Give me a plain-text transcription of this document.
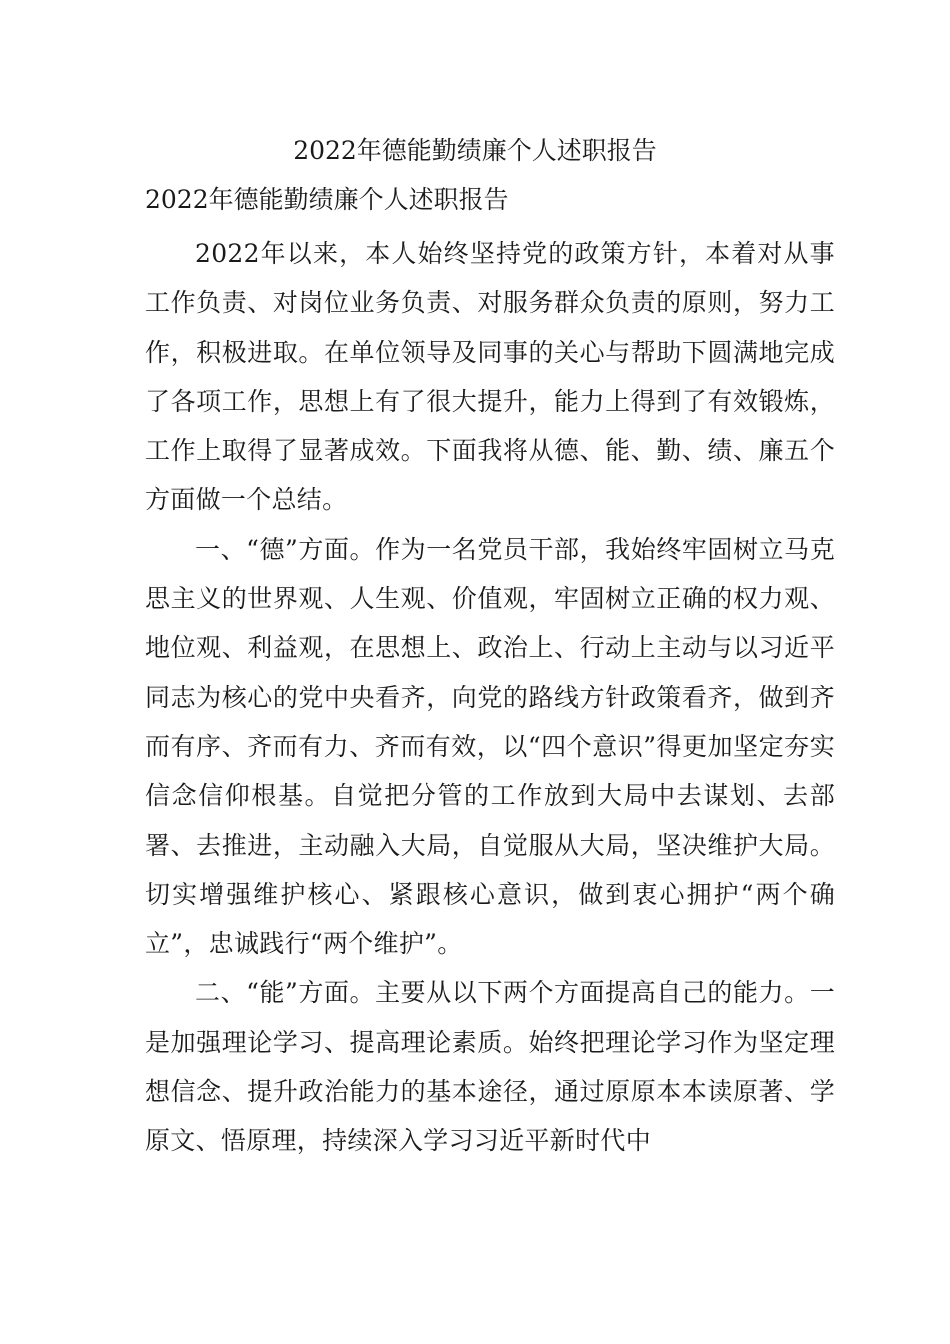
2022年德能勤绩廉个人述职报告
2022年德能勤绩廉个人述职报告

2022年以来，本人始终坚持党的政策方针，本着对从事工作负责、对岗位业务负责、对服务群众负责的原则，努力工作，积极进取。在单位领导及同事的关心与帮助下圆满地完成了各项工作，思想上有了很大提升，能力上得到了有效锻炼，工作上取得了显著成效。下面我将从德、能、勤、绩、廉五个方面做一个总结。

一、“德”方面。作为一名党员干部，我始终牢固树立马克思主义的世界观、人生观、价值观，牢固树立正确的权力观、地位观、利益观，在思想上、政治上、行动上主动与以习近平同志为核心的党中央看齐，向党的路线方针政策看齐，做到齐而有序、齐而有力、齐而有效，以“四个意识”得更加坚定夯实信念信仰根基。自觉把分管的工作放到大局中去谋划、去部署、去推进，主动融入大局，自觉服从大局，坚决维护大局。切实增强维护核心、紧跟核心意识，做到衷心拥护“两个确立”，忠诚践行“两个维护”。

二、“能”方面。主要从以下两个方面提高自己的能力。一是加强理论学习、提高理论素质。始终把理论学习作为坚定理想信念、提升政治能力的基本途径，通过原原本本读原著、学原文、悟原理，持续深入学习习近平新时代中
